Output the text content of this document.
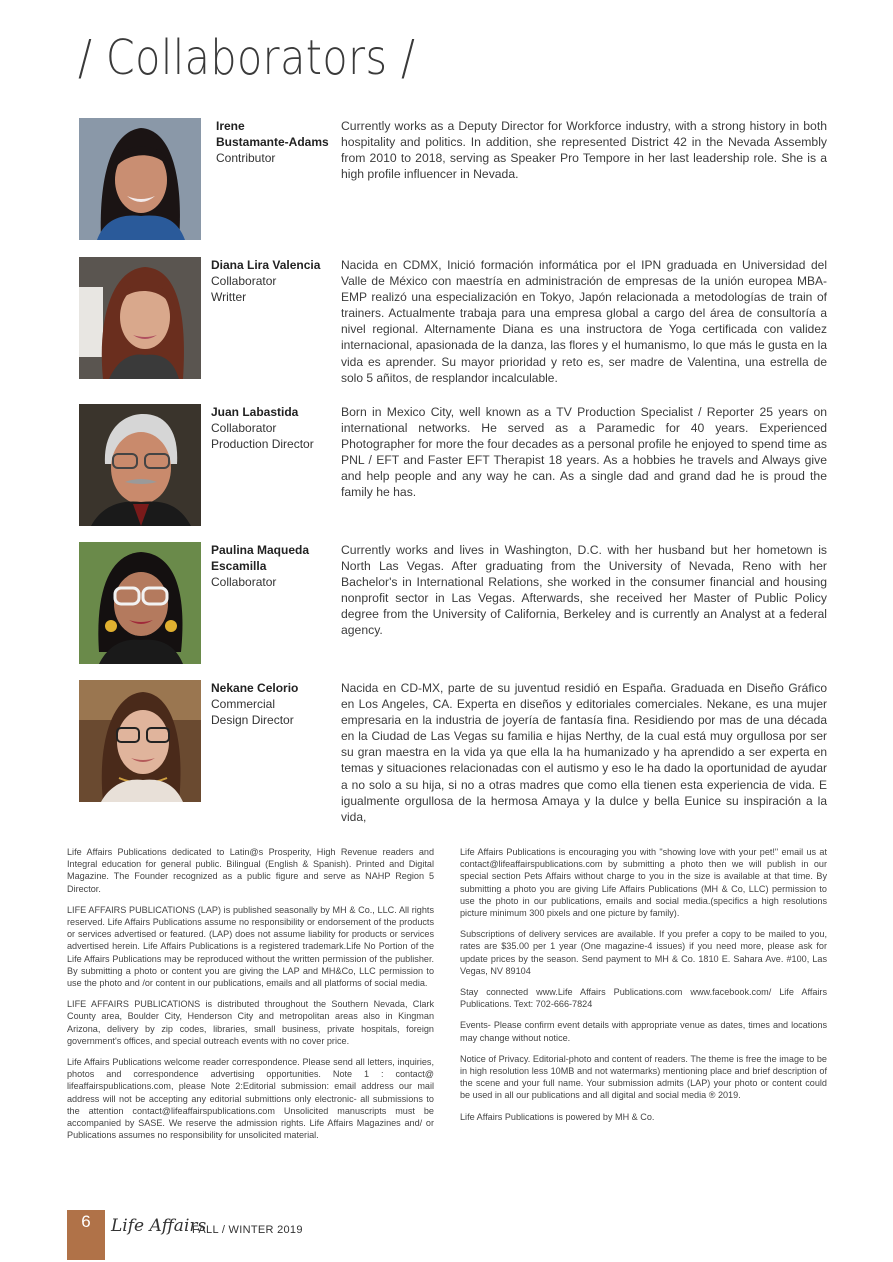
/ Collaborators /
Irene
Bustamante-Adams
Contributor

Currently works as a Deputy Director for Workforce industry, with a strong history in both hospitality and politics. In addition, she represented District 42 in the Nevada Assembly from 2010 to 2018, serving as Speaker Pro Tempore in her last leadership role. She is a high profile influencer in Nevada.

Diana Lira Valencia
Collaborator
Writter

Nacida en CDMX, Inició formación informática por el IPN graduada en Universidad del Valle de México con maestría en administración de empresas de la unión europea MBA-EMP realizó una especialización en Tokyo, Japón relacionada a metodologías de train of trainers. Actualmente trabaja para una empresa global a cargo del área de consultoría a nivel regional. Alternamente Diana es una instructora de Yoga certificada con validez internacional, apasionada de la danza, las flores y el humanismo, lo que más le gusta en la vida es aprender. Su mayor prioridad y reto es, ser madre de Valentina, una estrella de solo 5 añitos, de resplandor incalculable.

Juan Labastida
Collaborator
Production Director

Born in Mexico City, well known as a TV Production Specialist / Reporter 25 years on international networks. He served as a Paramedic for 40 years. Experienced Photographer for more the four decades as a personal profile he enjoyed to spend time as PNL / EFT and Faster EFT Therapist 18 years. As a hobbies he travels and Always give and help people and any way he can. As a single dad and grand dad he is proud the family he has.

Paulina Maqueda
Escamilla
Collaborator

Currently works and lives in Washington, D.C. with her husband but her hometown is North Las Vegas. After graduating from the University of Nevada, Reno with her Bachelor's in International Relations, she worked in the consumer financial and housing nonprofit sector in Las Vegas. Afterwards, she received her Master of Public Policy degree from the University of California, Berkeley and is currently an Analyst at a federal agency.

Nekane Celorio
Commercial
Design Director

Nacida en CD-MX, parte de su juventud residió en España. Graduada en Diseño Gráfico en Los Angeles, CA. Experta en diseños y editoriales comerciales. Nekane, es una mujer empresaria en la industria de joyería de fantasía fina. Residiendo por mas de una década en la Ciudad de Las Vegas su familia e hijas Nerthy, de la cual está muy orgullosa por ser su gran maestra en la vida ya que ella la ha humanizado y ha aprendido a ser experta en temas y situaciones relacionadas con el autismo y eso le ha dado la oportunidad de ayudar a no solo a su hija, si no a otras madres que como ella tienen esta experiencia de vida. E igualmente orgullosa de la hermosa Amaya y la dulce y bella Eunice su inspiración a la vida,

Life Affairs Publications dedicated to Latin@s Prosperity, High Revenue readers and Integral education for general public. Bilingual (English & Spanish). Printed and Digital Magazine. The Founder recognized as a public figure and serve as NAHP Region 5 Director.

LIFE AFFAIRS PUBLICATIONS (LAP) is published seasonally by MH & Co., LLC. All rights reserved. Life Affairs Publications assume no responsibility or endorsement of the products or services advertised or featured. (LAP) does not assume liability for products or services advertised herein. Life Affairs Publications is a registered trademark.Life No Portion of the Life Affairs Publications may be reproduced without the written permission of the publisher. By submitting a photo or content you are giving the LAP and MH&Co, LLC permission to use the photo and /or content in our publications, emails and all platforms of social media.

LIFE AFFAIRS PUBLICATIONS is distributed throughout the Southern Nevada, Clark County area, Boulder City, Henderson City and metropolitan areas also in Kingman Arizona, delivery by zip codes, libraries, small business, private hospitals, foreign government's offices, and special outreach events with no cover price.

Life Affairs Publications welcome reader correspondence. Please send all letters, inquiries, photos and correspondence advertising opportunities. Note 1 : contact@ lifeaffairspublications.com, please Note 2:Editorial submission: email address our mail address will not be accepting any editorial submittions only electronic- all submissions to the attention contact@lifeaffairspublications.com Unsolicited manuscripts must be accompanied by SASE. We reserve the admission rights. Life Affairs Magazines and/ or Publications assumes no responsibility for unsolicited material.

Life Affairs Publications is encouraging you with "showing love with your pet!" email us at contact@lifeaffairspublications.com by submitting a photo then we will publish in our special section Pets Affairs without charge to you in the size is available at that time. By submitting a photo you are giving Life Affairs Publications (MH & Co, LLC) permission to use the photo in our publications, emails and social media.(specifics a high resolutions picture minimum 300 pixels and one picture by family).

Subscriptions of delivery services are available. If you prefer a copy to be mailed to you, rates are $35.00 per 1 year (One magazine-4 issues) if you need more, please ask for update prices by the season. Send payment to MH & Co. 1810 E. Sahara Ave. #100, Las Vegas, NV 89104

Stay connected www.Life Affairs Publications.com www.facebook.com/ Life Affairs Publications. Text: 702-666-7824

Events- Please confirm event details with appropriate venue as dates, times and locations may change without notice.

Notice of Privacy. Editorial-photo and content of readers. The theme is free the image to be in high resolution less 10MB and not watermarks) mentioning place and brief description of the scene and your full name. Your submission admits (LAP) your photo or content could be used in all our publications and all digital and social media ® 2019.

Life Affairs Publications is powered by MH & Co.

6	Life Affairs
FALL / WINTER 2019
